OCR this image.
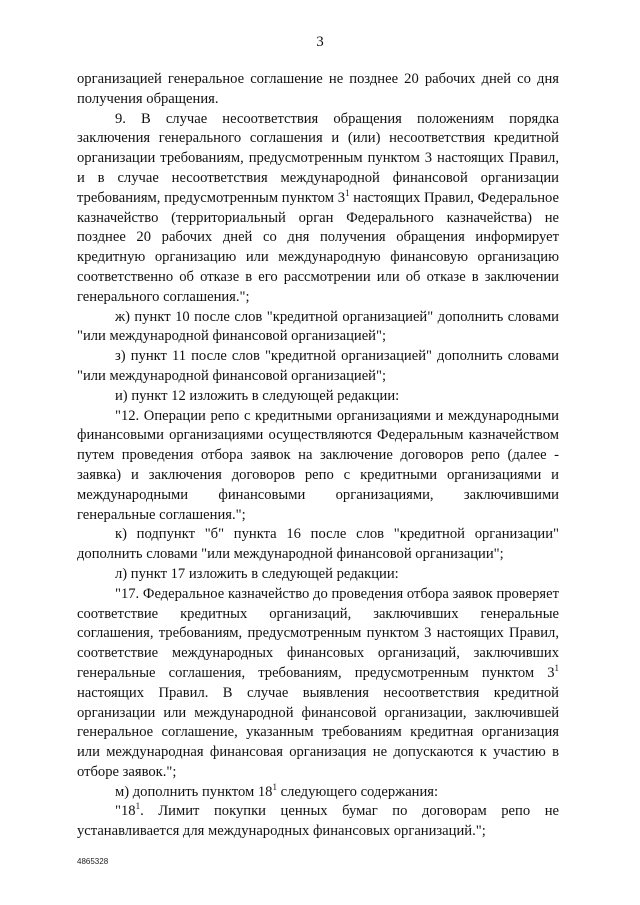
3

организацией генеральное соглашение не позднее 20 рабочих дней со дня получения обращения.

9. В случае несоответствия обращения положениям порядка заключения генерального соглашения и (или) несоответствия кредитной организации требованиям, предусмотренным пунктом 3 настоящих Правил, и в случае несоответствия международной финансовой организации требованиям, предусмотренным пунктом $3^1$ настоящих Правил, Федеральное казначейство (территориальный орган Федерального казначейства) не позднее 20 рабочих дней со дня получения обращения информирует кредитную организацию или международную финансовую организацию соответственно об отказе в его рассмотрении или об отказе в заключении генерального соглашения.";

ж) пункт 10 после слов "кредитной организацией" дополнить словами "или международной финансовой организацией";

з) пункт 11 после слов "кредитной организацией" дополнить словами "или международной финансовой организацией";

и) пункт 12 изложить в следующей редакции:

"12. Операции репо с кредитными организациями и международными финансовыми организациями осуществляются Федеральным казначейством путем проведения отбора заявок на заключение договоров репо (далее - заявка) и заключения договоров репо с кредитными организациями и международными финансовыми организациями, заключившими генеральные соглашения.";

к) подпункт "б" пункта 16 после слов "кредитной организации" дополнить словами "или международной финансовой организации";

л) пункт 17 изложить в следующей редакции:

"17. Федеральное казначейство до проведения отбора заявок проверяет соответствие кредитных организаций, заключивших генеральные соглашения, требованиям, предусмотренным пунктом 3 настоящих Правил, соответствие международных финансовых организаций, заключивших генеральные соглашения, требованиям, предусмотренным пунктом $3^1$ настоящих Правил. В случае выявления несоответствия кредитной организации или международной финансовой организации, заключившей генеральное соглашение, указанным требованиям кредитная организация или международная финансовая организация не допускаются к участию в отборе заявок.";

м) дополнить пунктом $18^1$ следующего содержания:

"$18^1$. Лимит покупки ценных бумаг по договорам репо не устанавливается для международных финансовых организаций.";

4865328
